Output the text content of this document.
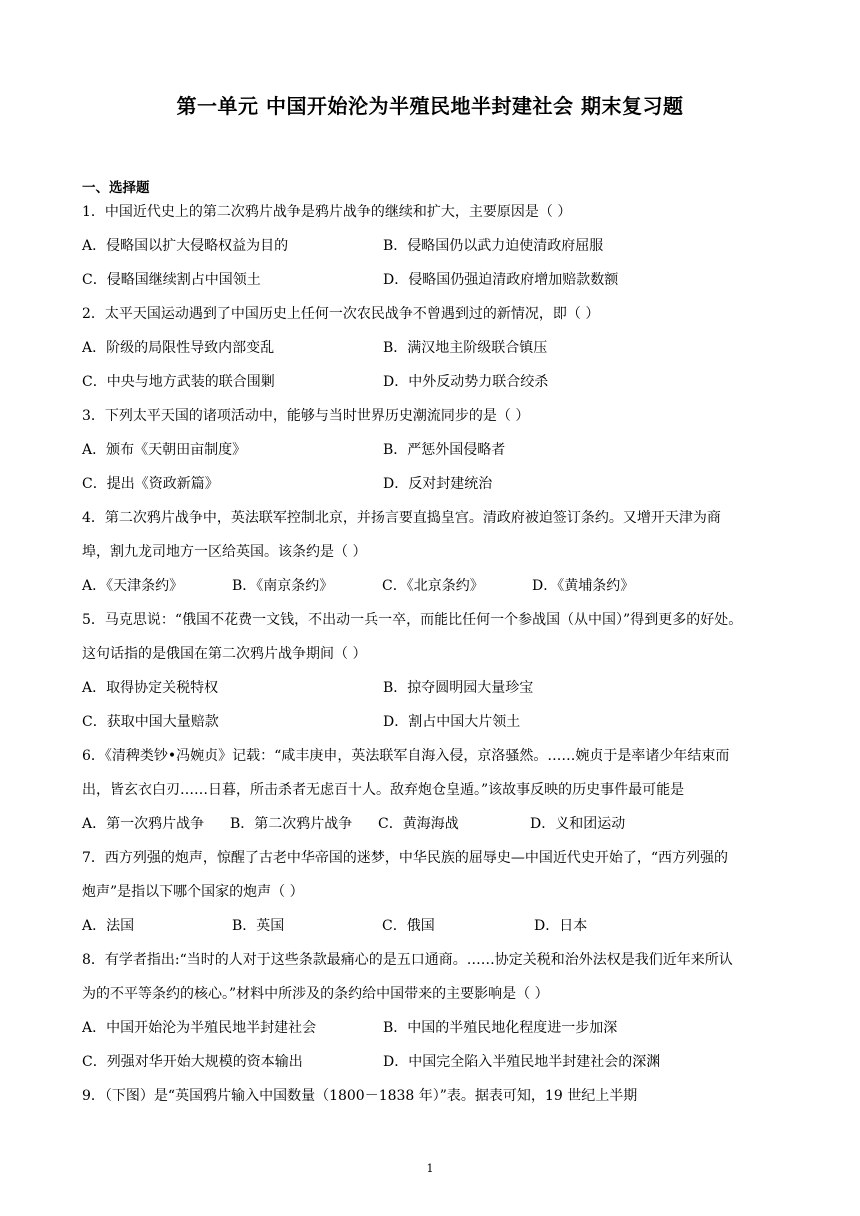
第一单元 中国开始沦为半殖民地半封建社会 期末复习题
一、选择题
1．中国近代史上的第二次鸦片战争是鸦片战争的继续和扩大，主要原因是（ ）
A．侵略国以扩大侵略权益为目的	B．侵略国仍以武力迫使清政府屈服
C．侵略国继续割占中国领土	D．侵略国仍强迫清政府增加赔款数额
2．太平天国运动遇到了中国历史上任何一次农民战争不曾遇到过的新情况，即（ ）
A．阶级的局限性导致内部变乱	B．满汉地主阶级联合镇压
C．中央与地方武装的联合围剿	D．中外反动势力联合绞杀
3．下列太平天国的诸项活动中，能够与当时世界历史潮流同步的是（ ）
A．颁布《天朝田亩制度》	B．严惩外国侵略者
C．提出《资政新篇》	D．反对封建统治
4．第二次鸦片战争中，英法联军控制北京，并扬言要直捣皇宫。清政府被迫签订条约。又增开天津为商
埠，割九龙司地方一区给英国。该条约是（ ）
A．《天津条约》	B．《南京条约》	C．《北京条约》	D．《黄埔条约》
5．马克思说：“俄国不花费一文钱，不出动一兵一卒，而能比任何一个参战国（从中国）”得到更多的好处。
这句话指的是俄国在第二次鸦片战争期间（ ）
A．取得协定关税特权	B．掠夺圆明园大量珍宝
C．获取中国大量赔款	D．割占中国大片领土
6．《清稗类钞•冯婉贞》记载：“咸丰庚申，英法联军自海入侵，京洛骚然。……婉贞于是率诸少年结束而
出，皆玄衣白刃……日暮，所击杀者无虑百十人。敌弃炮仓皇遁。”该故事反映的历史事件最可能是
A．第一次鸦片战争	B．第二次鸦片战争	C．黄海海战	D．义和团运动
7．西方列强的炮声，惊醒了古老中华帝国的迷梦，中华民族的屈辱史—中国近代史开始了，“西方列强的
炮声”是指以下哪个国家的炮声（ ）
A．法国	B．英国	C．俄国	D．日本
8．有学者指出:“当时的人对于这些条款最痛心的是五口通商。……协定关税和治外法权是我们近年来所认
为的不平等条约的核心。”材料中所涉及的条约给中国带来的主要影响是（ ）
A．中国开始沦为半殖民地半封建社会	B．中国的半殖民地化程度进一步加深
C．列强对华开始大规模的资本输出	D．中国完全陷入半殖民地半封建社会的深渊
9．（下图）是“英国鸦片输入中国数量（1800－1838 年）”表。据表可知，19 世纪上半期
1
